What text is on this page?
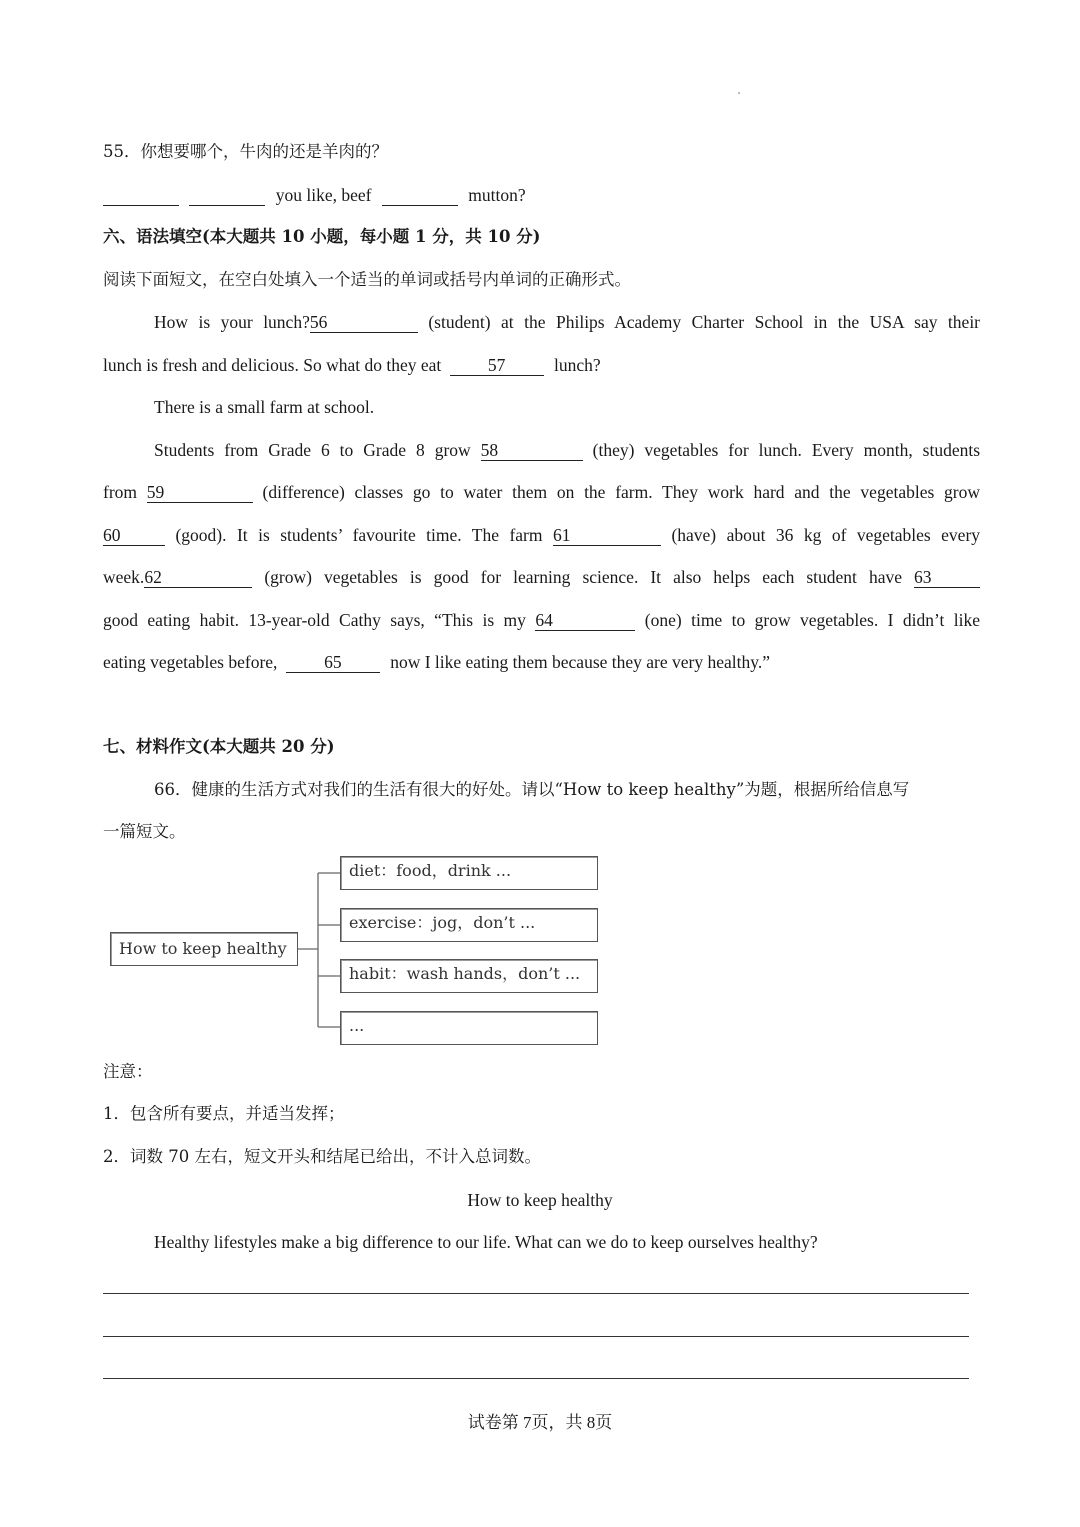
55．你想要哪个，牛肉的还是羊肉的？
you like, beef	mutton?
六、语法填空(本大题共 10 小题，每小题 1 分，共 10 分)
阅读下面短文，在空白处填入一个适当的单词或括号内单词的正确形式。
How is your lunch?56	(student) at the Philips Academy Charter School in the USA say their
lunch is fresh and delicious. So what do they eat	57	lunch?
There is a small farm at school.
Students from Grade 6 to Grade 8 grow 58	(they) vegetables for lunch. Every month, students
from 59	(difference) classes go to water them on the farm. They work hard and the vegetables grow
60	(good). It is students’ favourite time. The farm 61	(have) about 36 kg of vegetables every
week.62	(grow) vegetables is good for learning science. It also helps each student have 63
good eating habit. 13-year-old Cathy says, “This is my 64	(one) time to grow vegetables. I didn’t like
eating vegetables before,	65	now I like eating them because they are very healthy.”
七、材料作文(本大题共 20 分)
66．健康的生活方式对我们的生活有很大的好处。请以“How to keep healthy”为题，根据所给信息写
一篇短文。
How to keep healthy
diet：food，drink ...
exercise：jog，don’t ...
habit：wash hands，don’t ...
...
注意：
1．包含所有要点，并适当发挥；
2．词数 70 左右，短文开头和结尾已给出，不计入总词数。
How to keep healthy
Healthy lifestyles make a big difference to our life. What can we do to keep ourselves healthy?
试卷第 7页，共 8页
